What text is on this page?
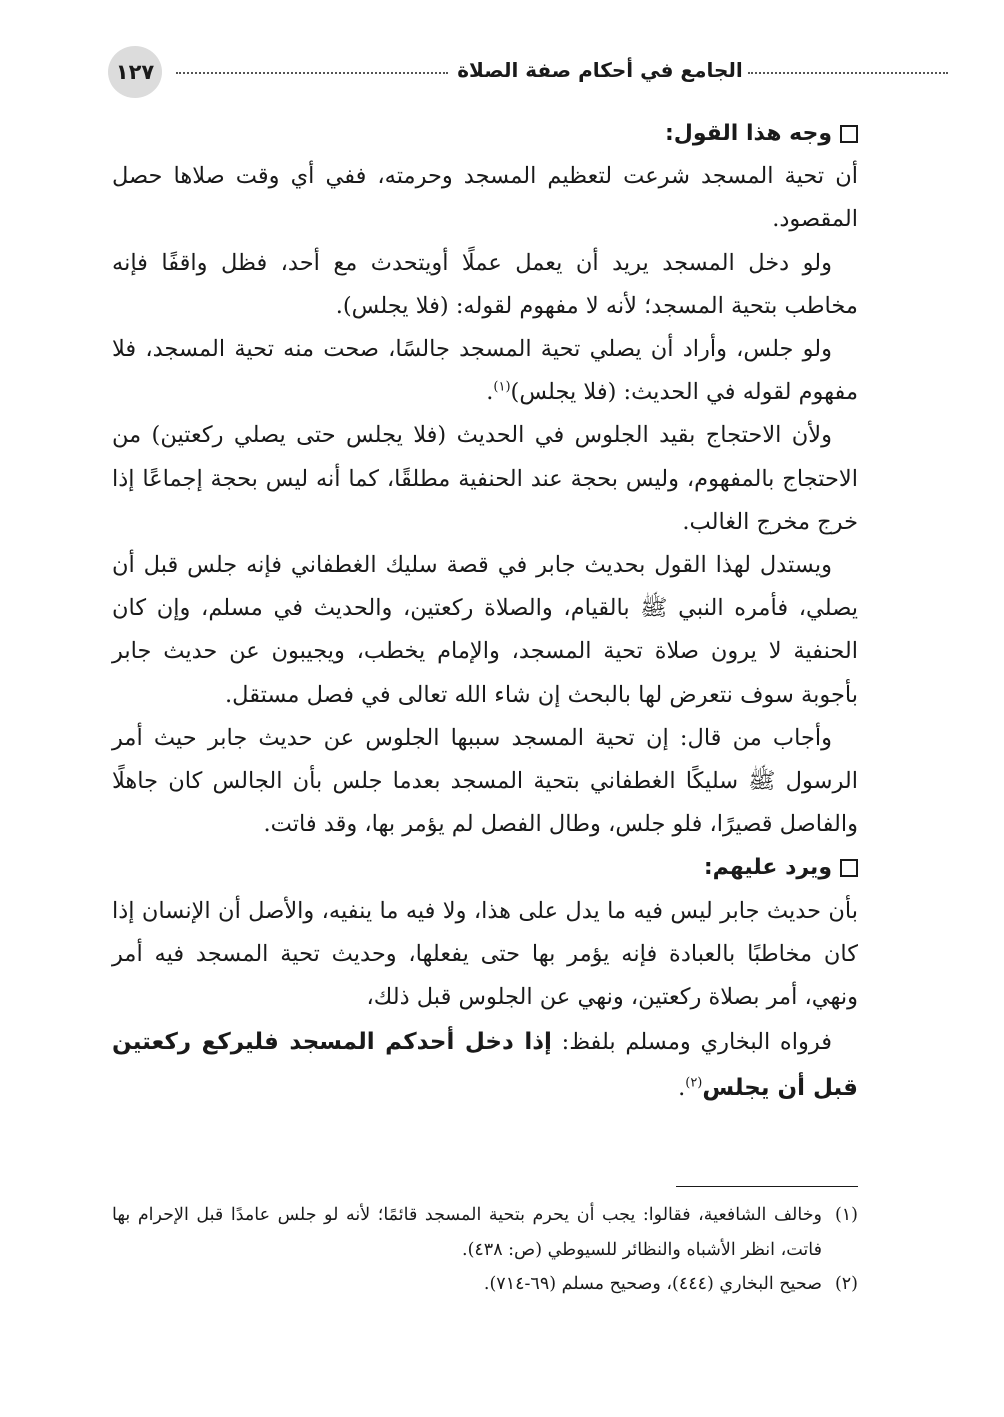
١٢٧	الجامع في أحكام صفة الصلاة

وجه هذا القول:

أن تحية المسجد شرعت لتعظيم المسجد وحرمته، ففي أي وقت صلاها حصل المقصود.

ولو دخل المسجد يريد أن يعمل عملًا أويتحدث مع أحد، فظل واقفًا فإنه مخاطب بتحية المسجد؛ لأنه لا مفهوم لقوله: (فلا يجلس).

ولو جلس، وأراد أن يصلي تحية المسجد جالسًا، صحت منه تحية المسجد، فلا مفهوم لقوله في الحديث: (فلا يجلس)$^{(١)}$.

ولأن الاحتجاج بقيد الجلوس في الحديث (فلا يجلس حتى يصلي ركعتين) من الاحتجاج بالمفهوم، وليس بحجة عند الحنفية مطلقًا، كما أنه ليس بحجة إجماعًا إذا خرج مخرج الغالب.

ويستدل لهذا القول بحديث جابر في قصة سليك الغطفاني فإنه جلس قبل أن يصلي، فأمره النبي ﷺ بالقيام، والصلاة ركعتين، والحديث في مسلم، وإن كان الحنفية لا يرون صلاة تحية المسجد، والإمام يخطب، ويجيبون عن حديث جابر بأجوبة سوف نتعرض لها بالبحث إن شاء الله تعالى في فصل مستقل.

وأجاب من قال: إن تحية المسجد سببها الجلوس عن حديث جابر حيث أمر الرسول ﷺ سليكًا الغطفاني بتحية المسجد بعدما جلس بأن الجالس كان جاهلًا والفاصل قصيرًا، فلو جلس، وطال الفصل لم يؤمر بها، وقد فاتت.

ويرد عليهم:

بأن حديث جابر ليس فيه ما يدل على هذا، ولا فيه ما ينفيه، والأصل أن الإنسان إذا كان مخاطبًا بالعبادة فإنه يؤمر بها حتى يفعلها، وحديث تحية المسجد فيه أمر ونهي، أمر بصلاة ركعتين، ونهي عن الجلوس قبل ذلك،

فرواه البخاري ومسلم بلفظ: إذا دخل أحدكم المسجد فليركع ركعتين قبل أن يجلس$^{(٢)}$.

(١)
وخالف الشافعية، فقالوا: يجب أن يحرم بتحية المسجد قائمًا؛ لأنه لو جلس عامدًا قبل الإحرام بها فاتت، انظر الأشباه والنظائر للسيوطي (ص: ٤٣٨).

(٢)
صحيح البخاري (٤٤٤)، وصحيح مسلم (٦٩-٧١٤).
